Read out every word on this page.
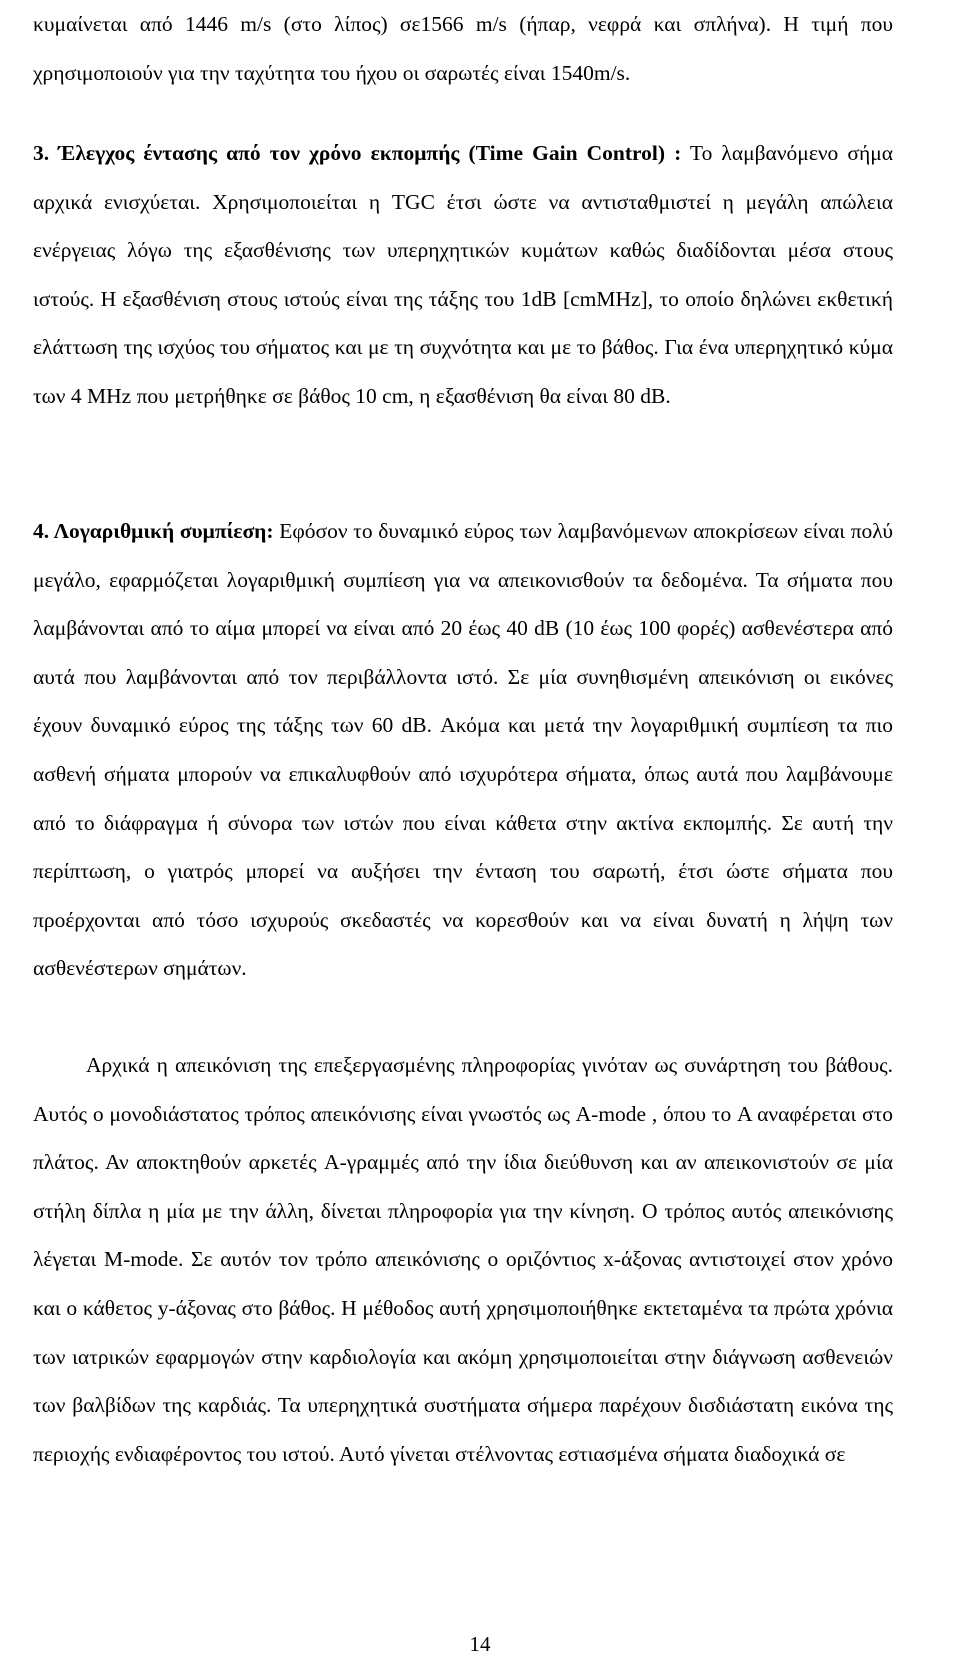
κυμαίνεται από 1446 m/s (στο λίπος) σε1566 m/s (ήπαρ, νεφρά και σπλήνα). Η τιμή που χρησιμοποιούν για την ταχύτητα του ήχου οι σαρωτές είναι 1540m/s.

3. Έλεγχος έντασης από τον χρόνο εκπομπής (Time Gain Control) : Το λαμβανόμενο σήμα αρχικά ενισχύεται. Χρησιμοποιείται η TGC έτσι ώστε να αντισταθμιστεί η μεγάλη απώλεια ενέργειας λόγω της εξασθένισης των υπερηχητικών κυμάτων καθώς διαδίδονται μέσα στους ιστούς. Η εξασθένιση στους ιστούς είναι της τάξης του 1dB [cmMHz], το οποίο δηλώνει εκθετική ελάττωση της ισχύος του σήματος και με τη συχνότητα και με το βάθος. Για ένα υπερηχητικό κύμα των 4 MHz που μετρήθηκε σε βάθος 10 cm, η εξασθένιση θα είναι 80 dB.

4. Λογαριθμική συμπίεση: Εφόσον το δυναμικό εύρος των λαμβανόμενων αποκρίσεων είναι πολύ μεγάλο, εφαρμόζεται λογαριθμική συμπίεση για να απεικονισθούν τα δεδομένα. Τα σήματα που λαμβάνονται από το αίμα μπορεί να είναι από 20 έως 40 dB (10 έως 100 φορές) ασθενέστερα από αυτά που λαμβάνονται από τον περιβάλλοντα ιστό. Σε μία συνηθισμένη απεικόνιση οι εικόνες έχουν δυναμικό εύρος της τάξης των 60 dB. Ακόμα και μετά την λογαριθμική συμπίεση τα πιο ασθενή σήματα μπορούν να επικαλυφθούν από ισχυρότερα σήματα, όπως αυτά που λαμβάνουμε από το διάφραγμα ή σύνορα των ιστών που είναι κάθετα στην ακτίνα εκπομπής. Σε αυτή την περίπτωση, ο γιατρός μπορεί να αυξήσει την ένταση του σαρωτή, έτσι ώστε σήματα που προέρχονται από τόσο ισχυρούς σκεδαστές να κορεσθούν και να είναι δυνατή η λήψη των ασθενέστερων σημάτων.

Αρχικά η απεικόνιση της επεξεργασμένης πληροφορίας γινόταν ως συνάρτηση του βάθους. Αυτός ο μονοδιάστατος τρόπος απεικόνισης είναι γνωστός ως A-mode , όπου το A αναφέρεται στο πλάτος. Αν αποκτηθούν αρκετές A-γραμμές από την ίδια διεύθυνση και αν απεικονιστούν σε μία στήλη δίπλα η μία με την άλλη, δίνεται πληροφορία για την κίνηση. Ο τρόπος αυτός απεικόνισης λέγεται M-mode. Σε αυτόν τον τρόπο απεικόνισης ο οριζόντιος x-άξονας αντιστοιχεί στον χρόνο και ο κάθετος y-άξονας στο βάθος. Η μέθοδος αυτή χρησιμοποιήθηκε εκτεταμένα τα πρώτα χρόνια των ιατρικών εφαρμογών στην καρδιολογία και ακόμη χρησιμοποιείται στην διάγνωση ασθενειών των βαλβίδων της καρδιάς. Τα υπερηχητικά συστήματα σήμερα παρέχουν δισδιάστατη εικόνα της περιοχής ενδιαφέροντος του ιστού. Αυτό γίνεται στέλνοντας εστιασμένα σήματα διαδοχικά σε

14
